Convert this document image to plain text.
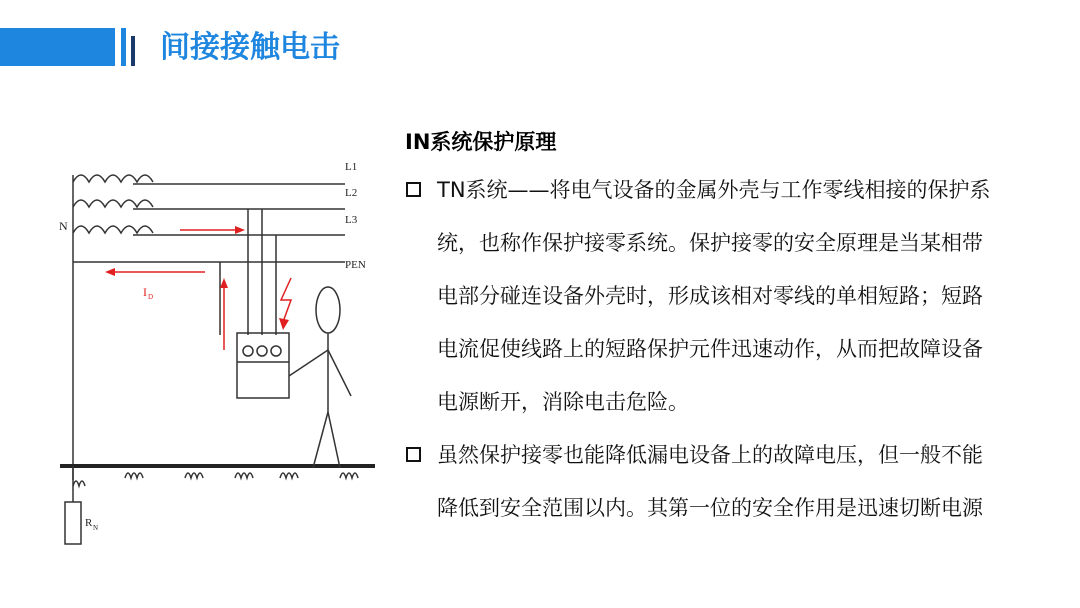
间接接触电击
L1
L2
L3
PEN
N
R N
I D
IN系统保护原理
TN系统——将电气设备的金属外壳与工作零线相接的保护系
统，也称作保护接零系统。保护接零的安全原理是当某相带
电部分碰连设备外壳时，形成该相对零线的单相短路；短路
电流促使线路上的短路保护元件迅速动作，从而把故障设备
电源断开，消除电击危险。
虽然保护接零也能降低漏电设备上的故障电压，但一般不能
降低到安全范围以内。其第一位的安全作用是迅速切断电源
